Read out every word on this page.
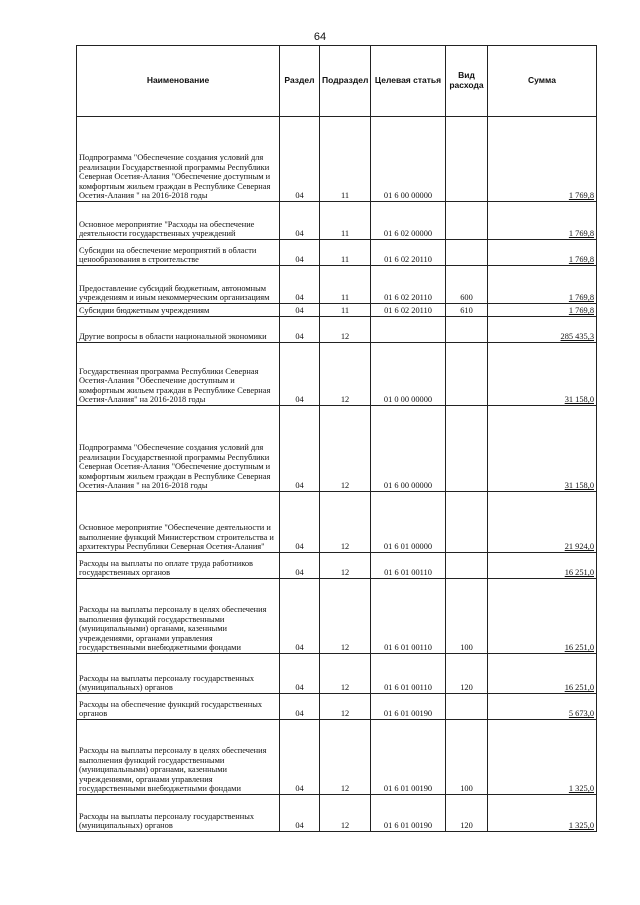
64
Наименование	Раздел	Подраздел	Целевая статья	Вид расхода	Сумма
Подпрограмма "Обеспечение создания условий для реализации Государственной программы Республики Северная Осетия-Алания "Обеспечение доступным и комфортным жильем граждан в Республике Северная Осетия-Алания " на 2016-2018 годы	04	11	01 6 00 00000		1 769,8
Основное мероприятие "Расходы на обеспечение деятельности государственных учреждений	04	11	01 6 02 00000		1 769,8
Субсидии на обеспечение мероприятий в области ценообразования в строительстве	04	11	01 6 02 20110		1 769,8
Предоставление субсидий бюджетным, автономным учреждениям и иным некоммерческим организациям	04	11	01 6 02 20110	600	1 769,8
Субсидии бюджетным учреждениям	04	11	01 6 02 20110	610	1 769,8
Другие вопросы в области национальной экономики	04	12			285 435,3
Государственная программа Республики Северная Осетия-Алания "Обеспечение доступным и комфортным жильем граждан в Республике Северная Осетия-Алания" на 2016-2018 годы	04	12	01 0 00 00000		31 158,0
Подпрограмма "Обеспечение создания условий для реализации Государственной программы Республики Северная Осетия-Алания "Обеспечение доступным и комфортным жильем граждан в Республике Северная Осетия-Алания " на 2016-2018 годы	04	12	01 6 00 00000		31 158,0
Основное мероприятие "Обеспечение деятельности и выполнение функций Министерством строительства и архитектуры Республики Северная Осетия-Алания"	04	12	01 6 01 00000		21 924,0
Расходы на выплаты по оплате труда работников государственных органов	04	12	01 6 01 00110		16 251,0
Расходы на выплаты персоналу в целях обеспечения выполнения функций государственными (муниципальными) органами, казенными учреждениями, органами управления государственными внебюджетными фондами	04	12	01 6 01 00110	100	16 251,0
Расходы на выплаты персоналу государственных (муниципальных) органов	04	12	01 6 01 00110	120	16 251,0
Расходы на обеспечение функций государственных органов	04	12	01 6 01 00190		5 673,0
Расходы на выплаты персоналу в целях обеспечения выполнения функций государственными (муниципальными) органами, казенными учреждениями, органами управления государственными внебюджетными фондами	04	12	01 6 01 00190	100	1 325,0
Расходы на выплаты персоналу государственных (муниципальных) органов	04	12	01 6 01 00190	120	1 325,0
